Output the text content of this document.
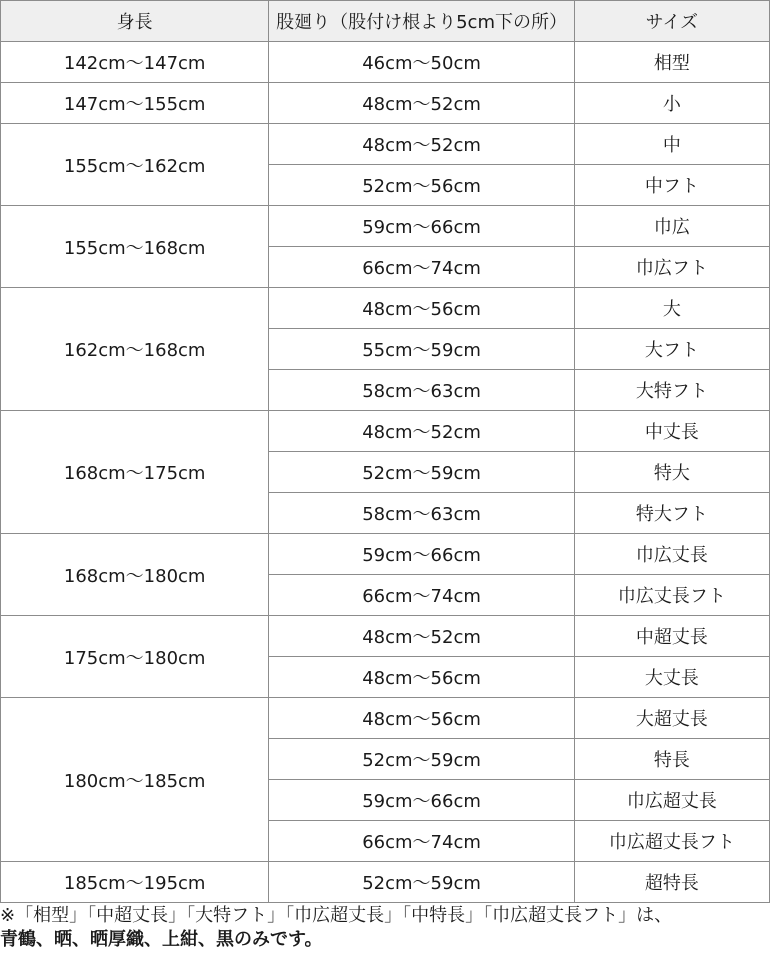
身長	股廻り（股付け根より5cm下の所）	サイズ
142cm〜147cm	46cm〜50cm	相型
147cm〜155cm	48cm〜52cm	小
155cm〜162cm	48cm〜52cm	中
	52cm〜56cm	中フト
155cm〜168cm	59cm〜66cm	巾広
	66cm〜74cm	巾広フト
162cm〜168cm	48cm〜56cm	大
	55cm〜59cm	大フト
	58cm〜63cm	大特フト
168cm〜175cm	48cm〜52cm	中丈長
	52cm〜59cm	特大
	58cm〜63cm	特大フト
168cm〜180cm	59cm〜66cm	巾広丈長
	66cm〜74cm	巾広丈長フト
175cm〜180cm	48cm〜52cm	中超丈長
	48cm〜56cm	大丈長
180cm〜185cm	48cm〜56cm	大超丈長
	52cm〜59cm	特長
	59cm〜66cm	巾広超丈長
	66cm〜74cm	巾広超丈長フト
185cm〜195cm	52cm〜59cm	超特長
※「相型」「中超丈長」「大特フト」「巾広超丈長」「中特長」「巾広超丈長フト」は、
青鶴、晒、晒厚織、上紺、黒のみです。
